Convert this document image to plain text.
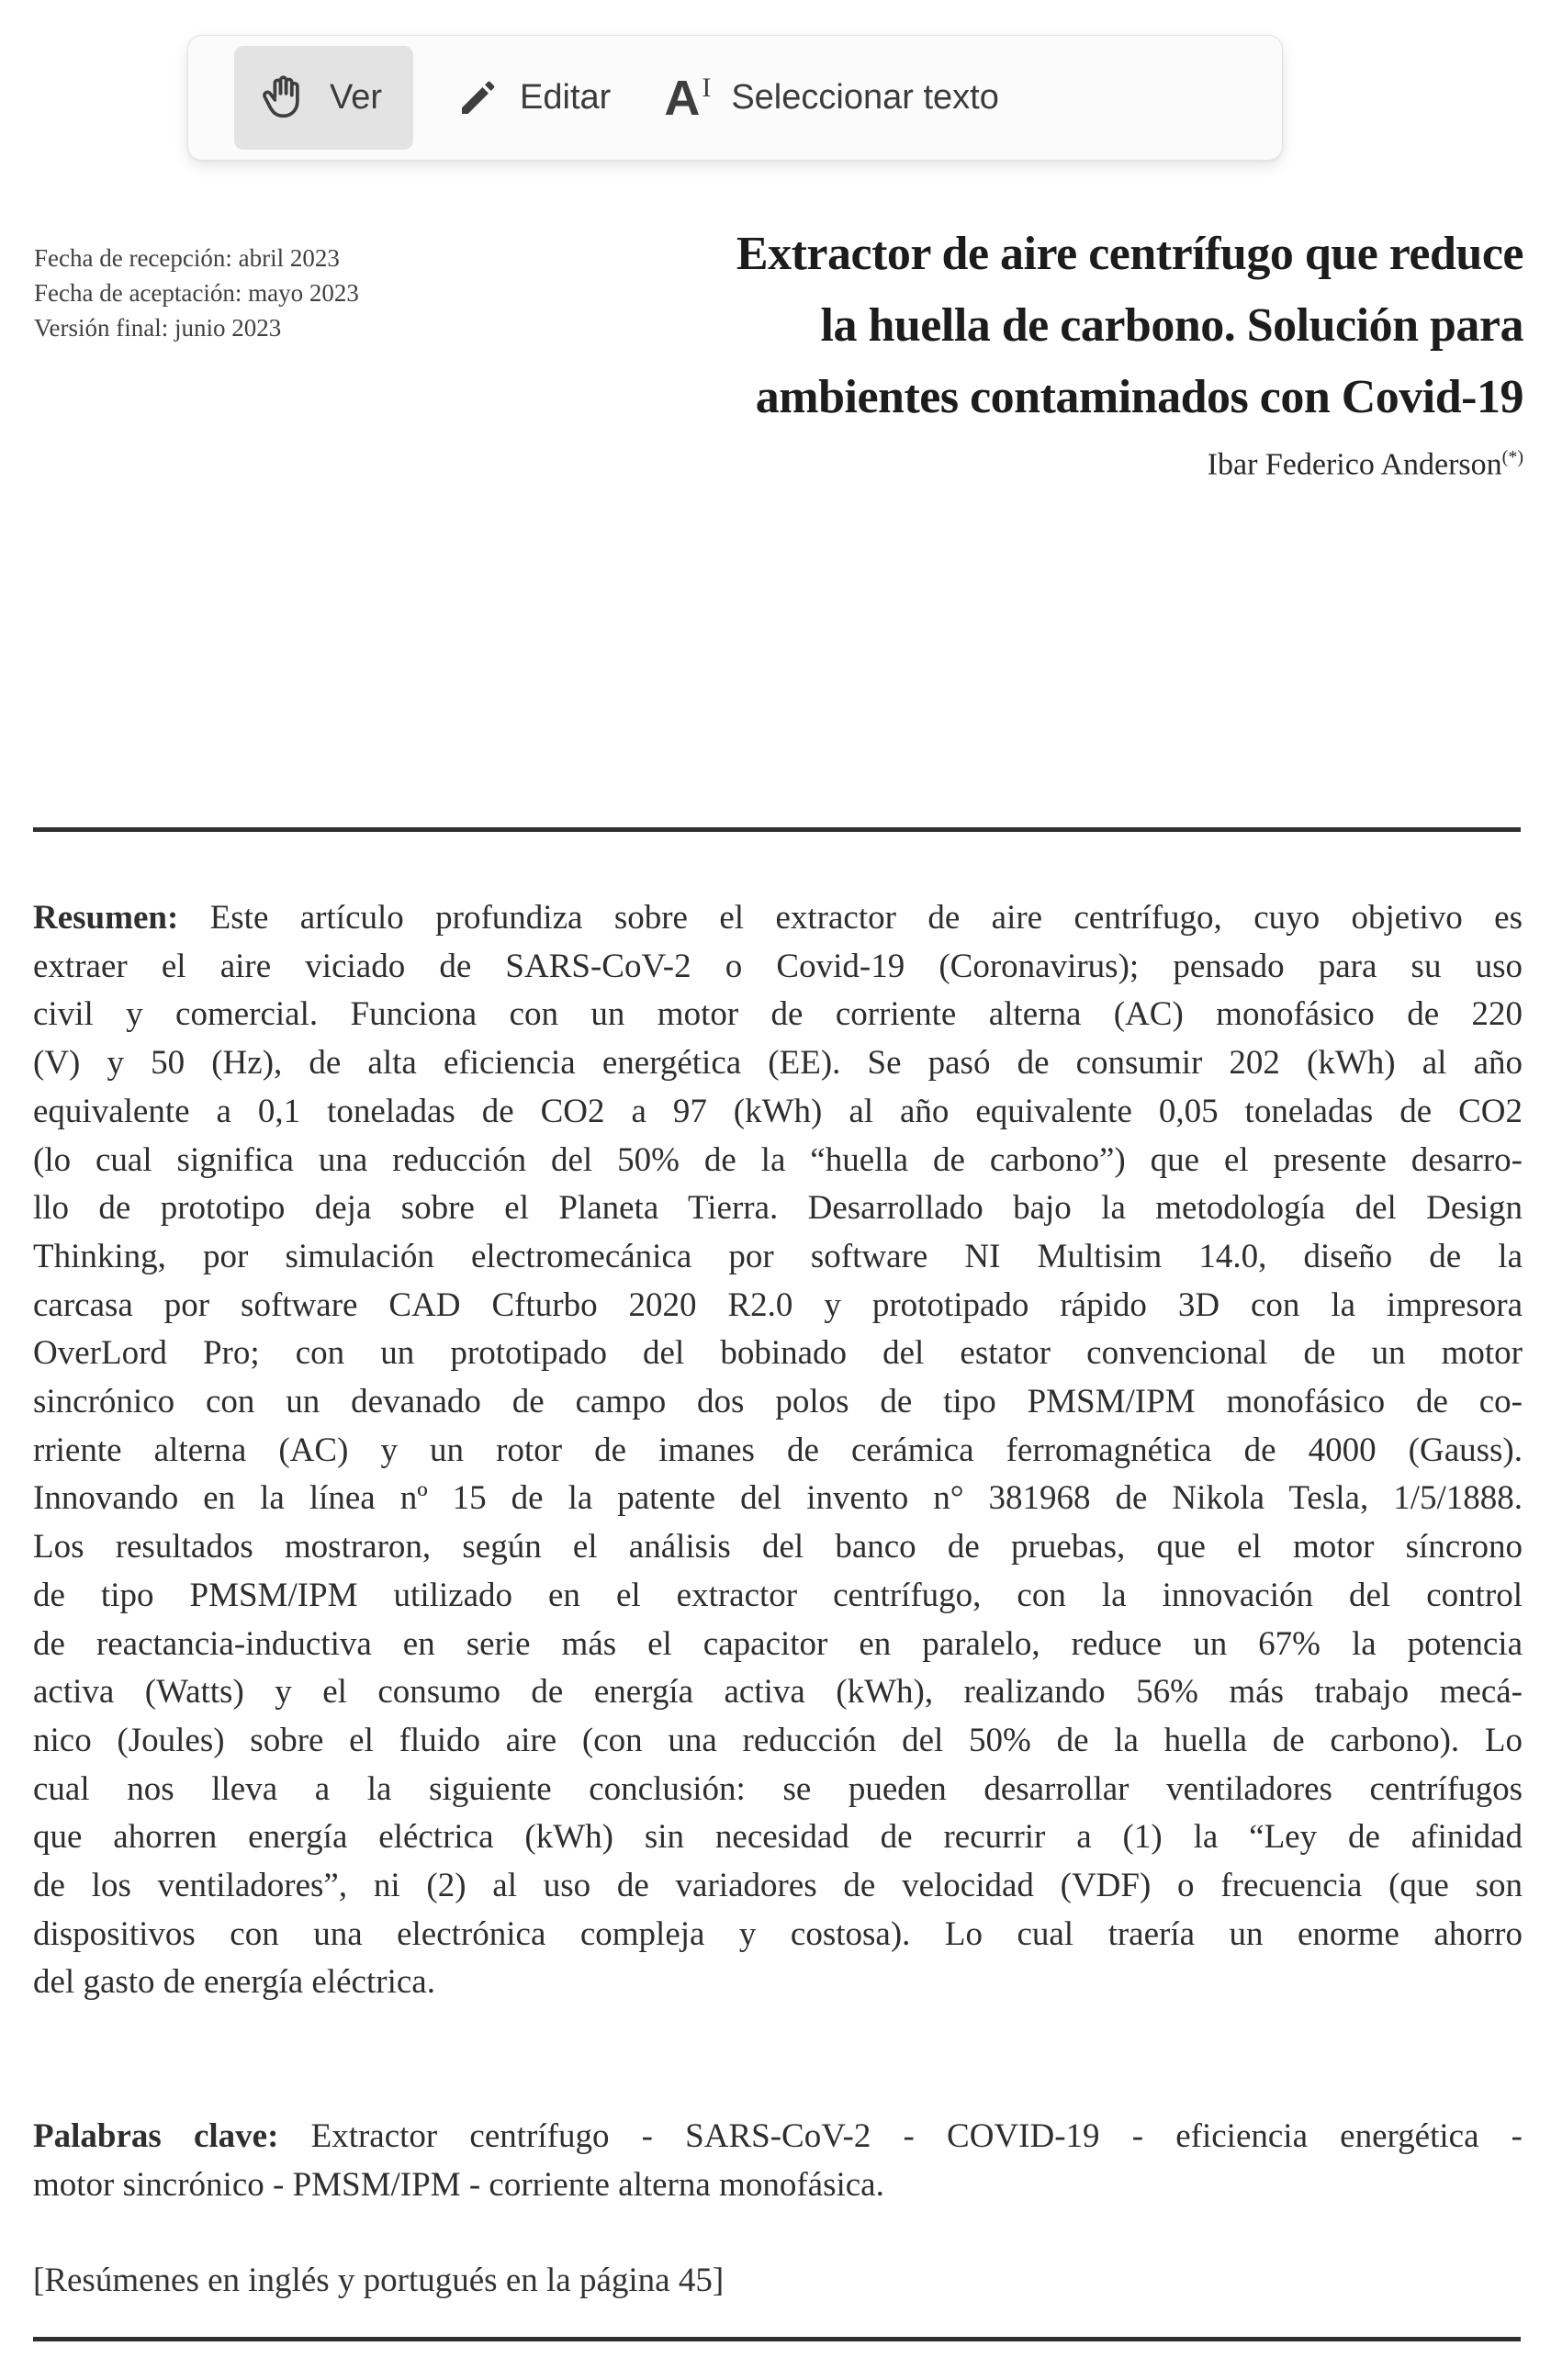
Ver	Editar A I Seleccionar texto
Fecha de recepción: abril 2023
Fecha de aceptación: mayo 2023
Versión final: junio 2023
Extractor de aire centrífugo que reduce
la huella de carbono. Solución para
ambientes contaminados con Covid-19
Ibar Federico Anderson(*)
Resumen: Este artículo profundiza sobre el extractor de aire centrífugo, cuyo objetivo es
extraer el aire viciado de SARS-CoV-2 o Covid-19 (Coronavirus); pensado para su uso
civil y comercial. Funciona con un motor de corriente alterna (AC) monofásico de 220
(V) y 50 (Hz), de alta eficiencia energética (EE). Se pasó de consumir 202 (kWh) al año
equivalente a 0,1 toneladas de CO2 a 97 (kWh) al año equivalente 0,05 toneladas de CO2
(lo cual significa una reducción del 50% de la “huella de carbono”) que el presente desarro-
llo de prototipo deja sobre el Planeta Tierra. Desarrollado bajo la metodología del Design
Thinking, por simulación electromecánica por software NI Multisim 14.0, diseño de la
carcasa por software CAD Cfturbo 2020 R2.0 y prototipado rápido 3D con la impresora
OverLord Pro; con un prototipado del bobinado del estator convencional de un motor
sincrónico con un devanado de campo dos polos de tipo PMSM/IPM monofásico de co-
rriente alterna (AC) y un rotor de imanes de cerámica ferromagnética de 4000 (Gauss).
Innovando en la línea nº 15 de la patente del invento n° 381968 de Nikola Tesla, 1/5/1888.
Los resultados mostraron, según el análisis del banco de pruebas, que el motor síncrono
de tipo PMSM/IPM utilizado en el extractor centrífugo, con la innovación del control
de reactancia-inductiva en serie más el capacitor en paralelo, reduce un 67% la potencia
activa (Watts) y el consumo de energía activa (kWh), realizando 56% más trabajo mecá-
nico (Joules) sobre el fluido aire (con una reducción del 50% de la huella de carbono). Lo
cual nos lleva a la siguiente conclusión: se pueden desarrollar ventiladores centrífugos
que ahorren energía eléctrica (kWh) sin necesidad de recurrir a (1) la “Ley de afinidad
de los ventiladores”, ni (2) al uso de variadores de velocidad (VDF) o frecuencia (que son
dispositivos con una electrónica compleja y costosa). Lo cual traería un enorme ahorro
del gasto de energía eléctrica.
Palabras clave: Extractor centrífugo - SARS-CoV-2 - COVID-19 - eficiencia energética -
motor sincrónico - PMSM/IPM - corriente alterna monofásica.
[Resúmenes en inglés y portugués en la página 45]
